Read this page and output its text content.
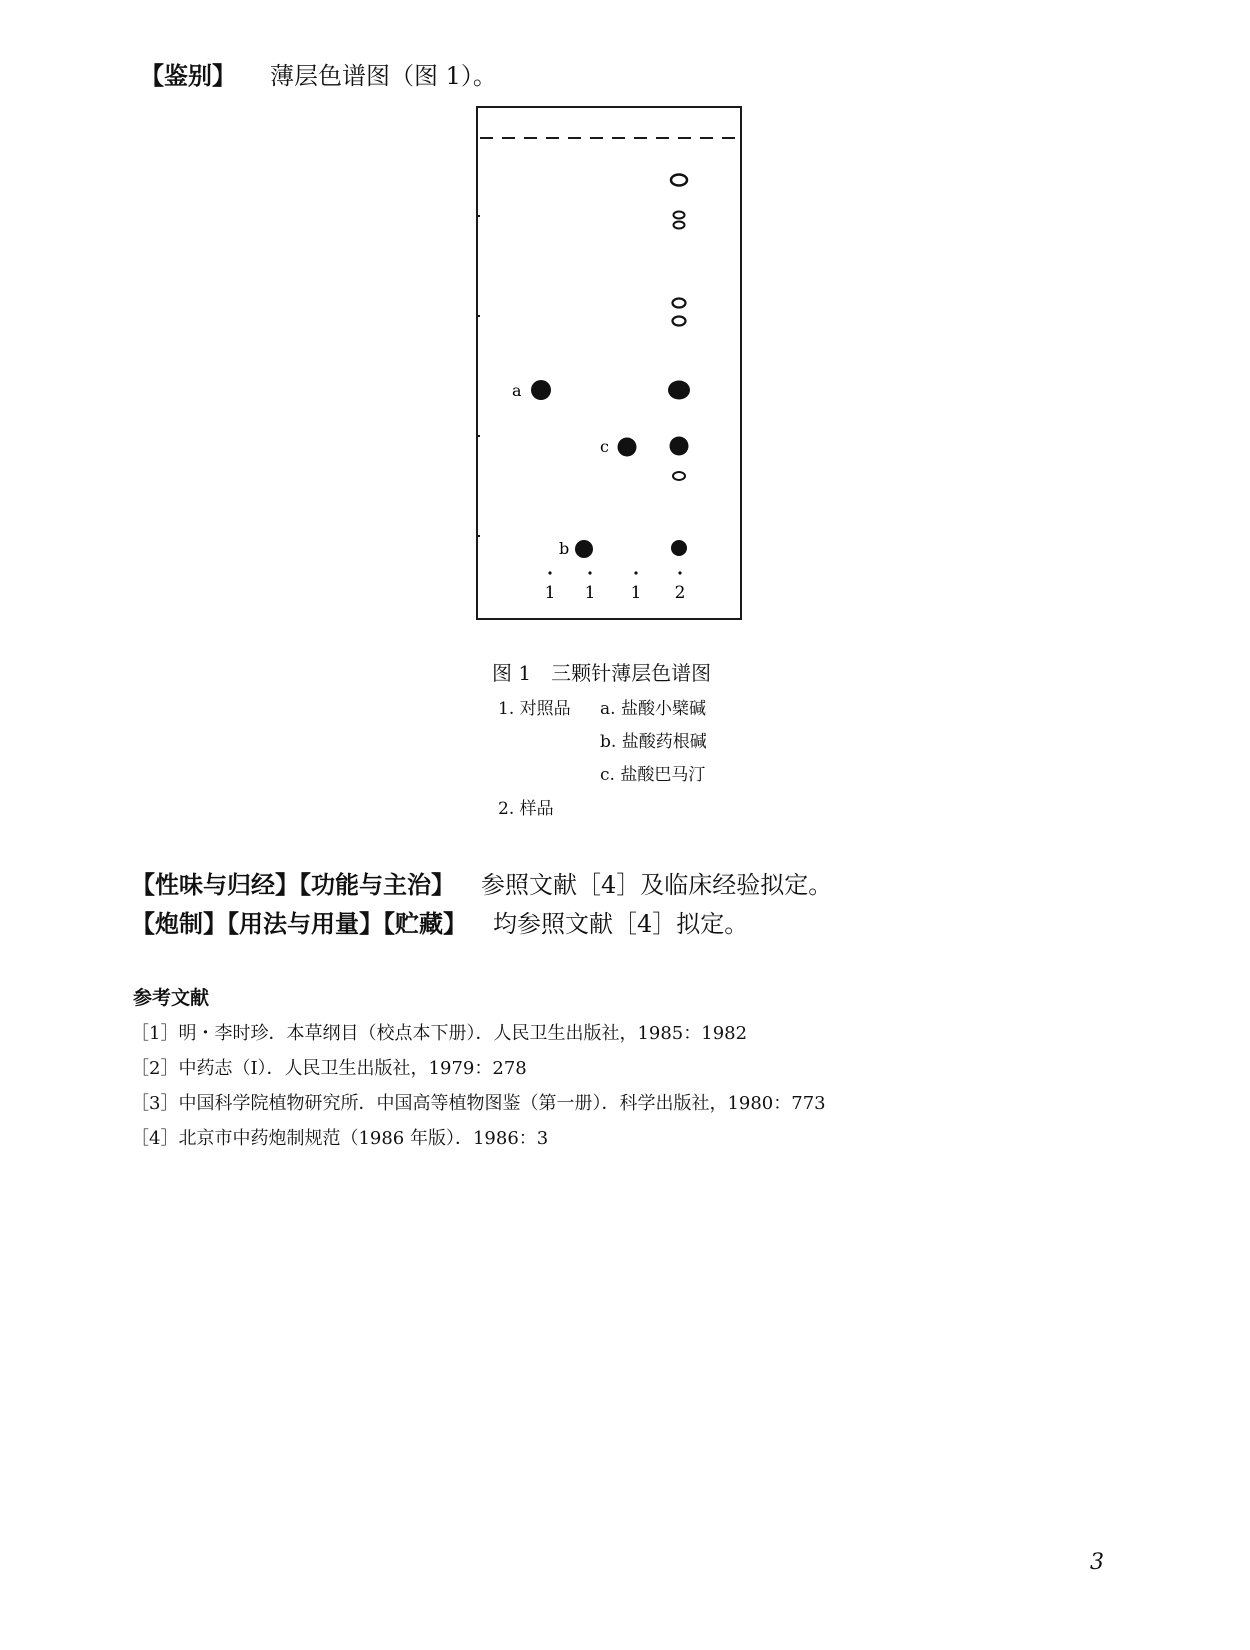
【鉴别】 薄层色谱图（图 1）。
a
c
b
1 1 1 2
图 1　三颗针薄层色谱图
1. 对照品 a. 盐酸小檗碱
b. 盐酸药根碱
c. 盐酸巴马汀
2. 样品
【性味与归经】【功能与主治】 参照文献［4］及临床经验拟定。
【炮制】【用法与用量】【贮藏】 均参照文献［4］拟定。
参考文献
［1］明・李时珍．本草纲目（校点本下册）．人民卫生出版社，1985：1982
［2］中药志（Ⅰ）．人民卫生出版社，1979：278
［3］中国科学院植物研究所．中国高等植物图鉴（第一册）．科学出版社，1980：773
［4］北京市中药炮制规范（1986 年版）．1986：3
3
